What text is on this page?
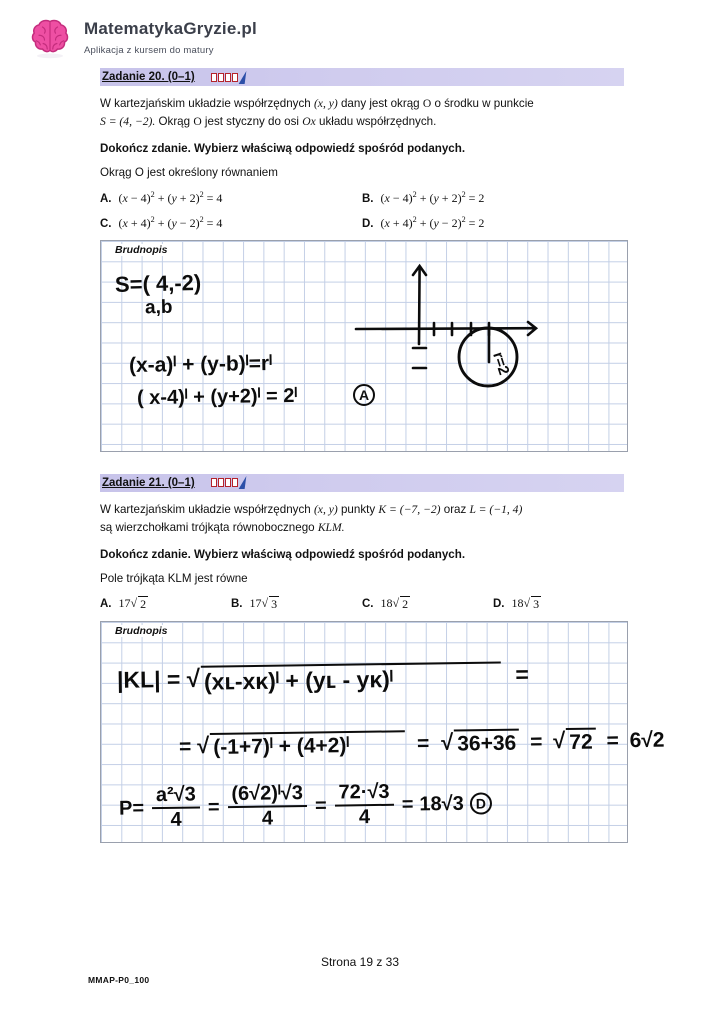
MatematykaGryzie.pl
Aplikacja z kursem do matury
Zadanie 20. (0–1)
W kartezjańskim układzie współrzędnych (x, y) dany jest okrąg O o środku w punkcie
S = (4, −2). Okrąg O jest styczny do osi Ox układu współrzędnych.
Dokończ zdanie. Wybierz właściwą odpowiedź spośród podanych.
Okrąg O jest określony równaniem
A. $(x - 4)^2 + (y + 2)^2 = 4$	B. $(x - 4)^2 + (y + 2)^2 = 2$
C. $(x + 4)^2 + (y - 2)^2 = 4$	D. $(x + 4)^2 + (y - 2)^2 = 2$
Brudnopis
S=( 4,-2)
a,b
(x-a)ˡ + (y-b)ˡ=rˡ
( x-4)ˡ + (y+2)ˡ = 2ˡ	A
r=2
Zadanie 21. (0–1)
W kartezjańskim układzie współrzędnych (x, y) punkty K = (−7, −2) oraz L = (−1, 4)
są wierzchołkami trójkąta równobocznego KLM.
Dokończ zdanie. Wybierz właściwą odpowiedź spośród podanych.
Pole trójkąta KLM jest równe
A. 17 √ 2	B. 17 √ 3	C. 18 √ 2	D. 18 √ 3
Brudnopis
|KL| = √ (xʟ-xᴋ)ˡ + (yʟ - yᴋ)ˡ	=
= √ (-1+7)ˡ + (4+2)ˡ	= √ 36+36 = √ 72 = 6√2
$P= \frac{\text{a²√3}}{4} = \frac{\text{(6√2)ˡ√3}}{4} = \frac{72\cdot√3}{4} = 18√3$ D
Strona 19 z 33
MMAP-P0_100
